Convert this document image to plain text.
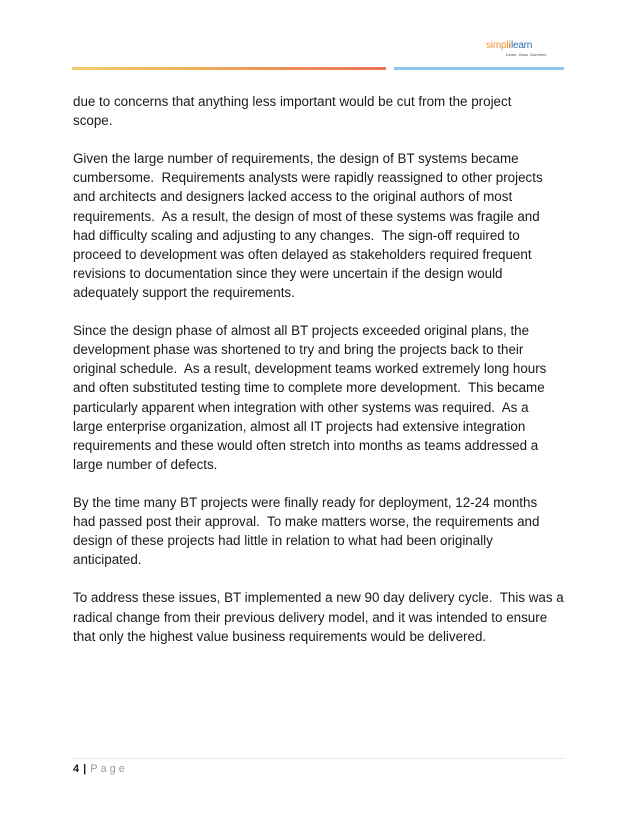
simplilearn
Learn. Grow. Succeed.
due to concerns that anything less important would be cut from the project
scope.
Given the large number of requirements, the design of BT systems became
cumbersome.  Requirements analysts were rapidly reassigned to other projects
and architects and designers lacked access to the original authors of most
requirements.  As a result, the design of most of these systems was fragile and
had difficulty scaling and adjusting to any changes.  The sign-off required to
proceed to development was often delayed as stakeholders required frequent
revisions to documentation since they were uncertain if the design would
adequately support the requirements.
Since the design phase of almost all BT projects exceeded original plans, the
development phase was shortened to try and bring the projects back to their
original schedule.  As a result, development teams worked extremely long hours
and often substituted testing time to complete more development.  This became
particularly apparent when integration with other systems was required.  As a
large enterprise organization, almost all IT projects had extensive integration
requirements and these would often stretch into months as teams addressed a
large number of defects.
By the time many BT projects were finally ready for deployment, 12-24 months
had passed post their approval.  To make matters worse, the requirements and
design of these projects had little in relation to what had been originally
anticipated.
To address these issues, BT implemented a new 90 day delivery cycle.  This was a
radical change from their previous delivery model, and it was intended to ensure
that only the highest value business requirements would be delivered.
4 | Page
